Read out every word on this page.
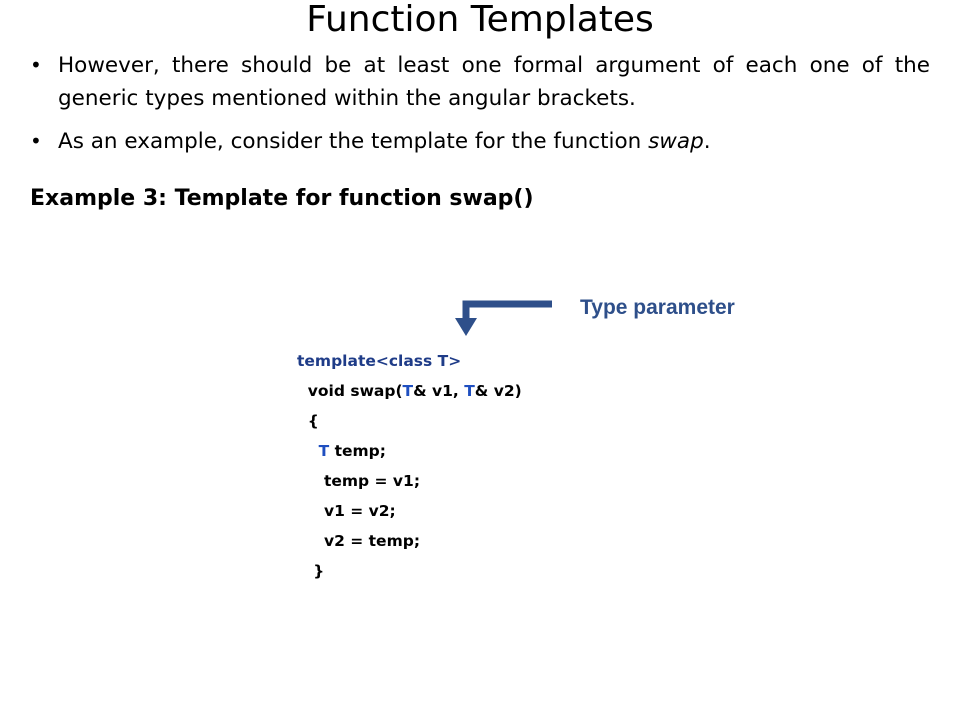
Function Templates
• However, there should be at least one formal argument of each one of the generic types mentioned within the angular brackets.
• As an example, consider the template for the function swap.
Example 3: Template for function swap()
Type parameter
template<class T>
void swap(T& v1, T& v2)
{
T temp;
temp = v1;
v1 = v2;
v2 = temp;
}
